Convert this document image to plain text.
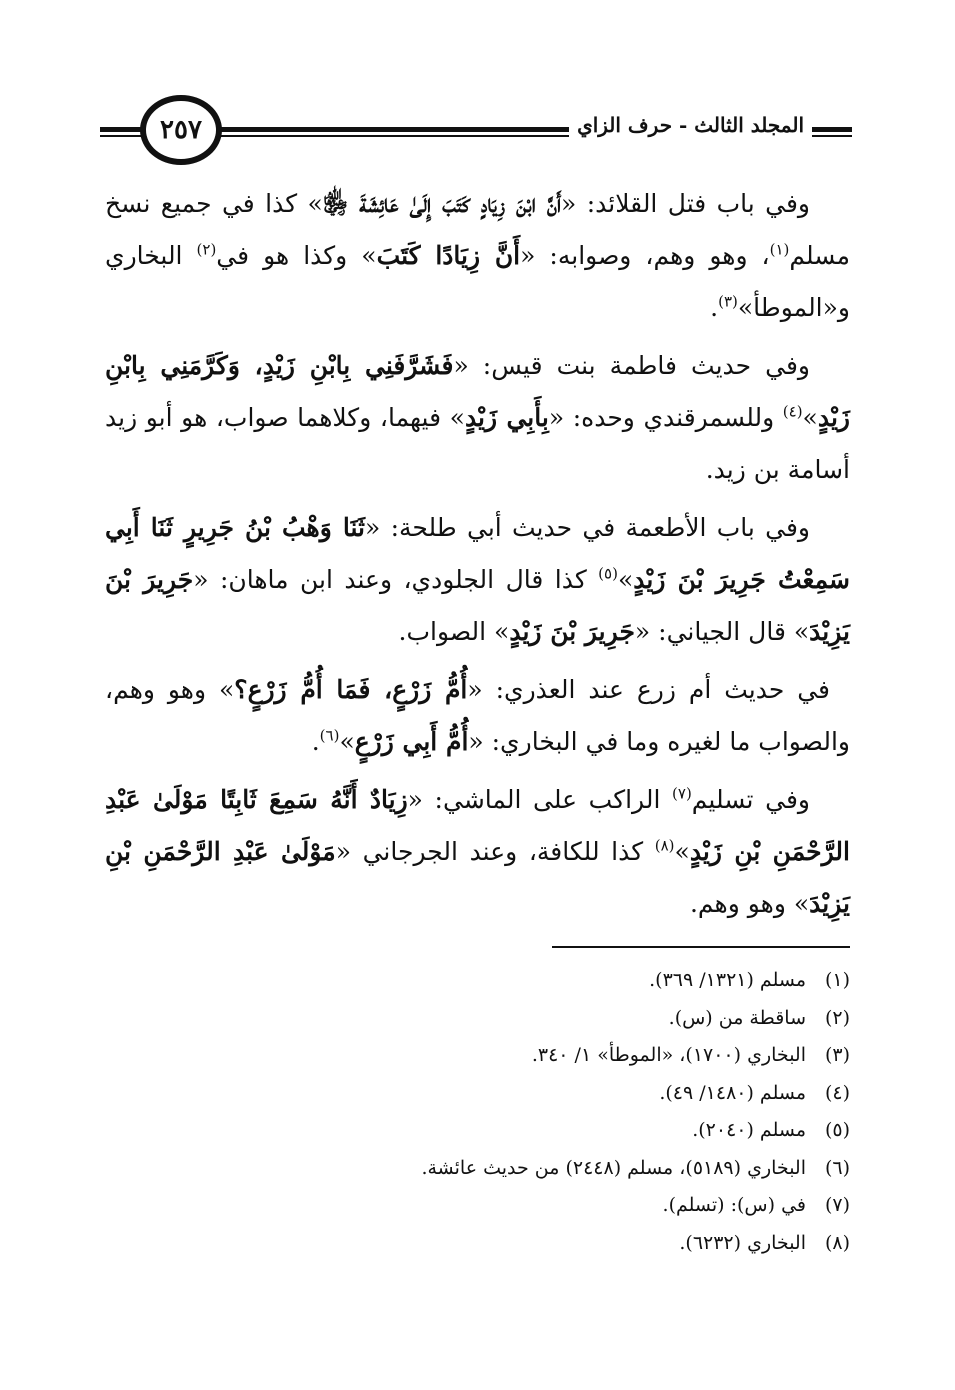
٢٥٧	المجلد الثالث - حرف الزاي

وفي باب فتل القلائد: «أَنَّ ابْنَ زِيَادٍ كَتَبَ إِلَىٰ عَائِشَةَ ﵂» كذا في جميع نسخ مسلم$^{(١)}$، وهو وهم، وصوابه: «أَنَّ زِيَادًا كَتَبَ» وكذا هو في$^{(٢)}$ البخاري و«الموطأ»$^{(٣)}$.

وفي حديث فاطمة بنت قيس: «فَشَرَّفَنِي بِابْنِ زَيْدٍ، وَكَرَّمَنِي بِابْنِ زَيْدٍ»$^{(٤)}$ وللسمرقندي وحده: «بِأَبِي زَيْدٍ» فيهما، وكلاهما صواب، هو أبو زيد أسامة بن زيد.

وفي باب الأطعمة في حديث أبي طلحة: «ثَنَا وَهْبُ بْنُ جَرِيرٍ ثَنَا أَبِي سَمِعْتُ جَرِيرَ بْنَ زَيْدٍ»$^{(٥)}$ كذا قال الجلودي، وعند ابن ماهان: «جَرِيرَ بْنَ يَزِيْدَ» قال الجياني: «جَرِيرَ بْنَ زَيْدٍ» الصواب.

في حديث أم زرع عند العذري: «أُمُّ زَرْعٍ، فَمَا أُمُّ زَرْعٍ؟» وهو وهم، والصواب ما لغيره وما في البخاري: «أُمُّ أَبِي زَرْعٍ»$^{(٦)}$.

وفي تسليم$^{(٧)}$ الراكب على الماشي: «زِيَادٌ أَنَّهُ سَمِعَ ثَابِتًا مَوْلَىٰ عَبْدِ الرَّحْمَنِ بْنِ زَيْدٍ»$^{(٨)}$ كذا للكافة، وعند الجرجاني «مَوْلَىٰ عَبْدِ الرَّحْمَنِ بْنِ يَزِيْدَ» وهو وهم.

(١)
مسلم (١٣٢١/ ٣٦٩).
(٢)
ساقطة من (س).
(٣)
البخاري (١٧٠٠)، «الموطأ» ١/ ٣٤٠.
(٤)
مسلم (١٤٨٠/ ٤٩).
(٥)
مسلم (٢٠٤٠).
(٦)
البخاري (٥١٨٩)، مسلم (٢٤٤٨) من حديث عائشة.
(٧)
في (س): (تسلم).
(٨)
البخاري (٦٢٣٢).
